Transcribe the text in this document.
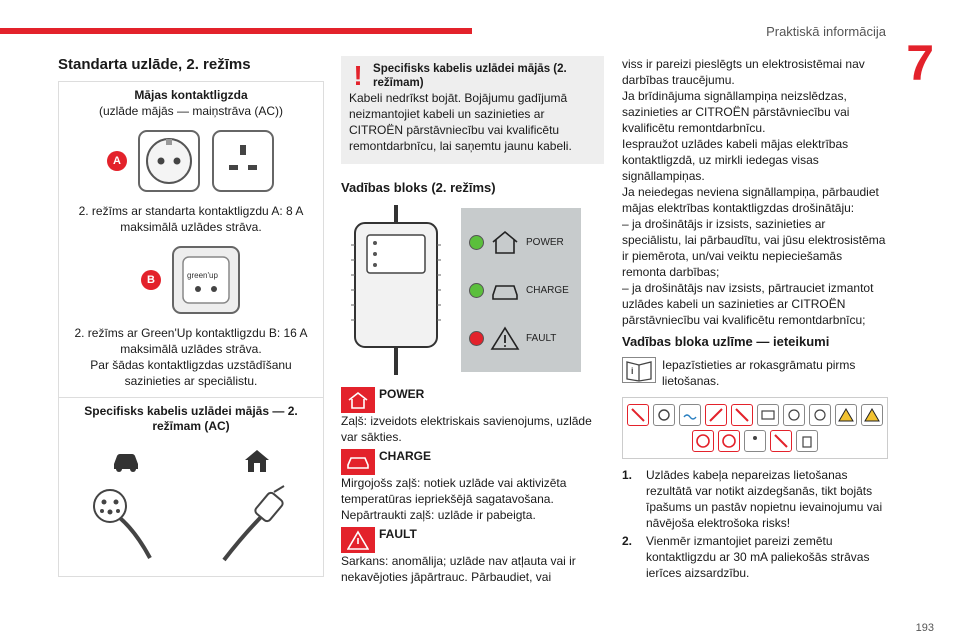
Praktiskā informācija
7
193
Standarta uzlāde, 2. režīms
Mājas kontaktligzda
(uzlāde mājās — maiņstrāva (AC))
A
2. režīms ar standarta kontaktligzdu A: 8 A maksimālā uzlādes strāva.
B	green'up
2. režīms ar Green'Up kontaktligzdu B: 16 A maksimālā uzlādes strāva.
Par šādas kontaktligzdas uzstādīšanu sazinieties ar speciālistu.
Specifisks kabelis uzlādei mājās — 2. režīmam (AC)
! Specifisks kabelis uzlādei mājās (2. režīmam)
Kabeli nedrīkst bojāt. Bojājumu gadījumā neizmantojiet kabeli un sazinieties ar CITROËN pārstāvniecību vai kvalificētu remontdarbnīcu, lai saņemtu jaunu kabeli.
Vadības bloks (2. režīms)
POWER
CHARGE
FAULT
POWER
Zaļš: izveidots elektriskais savienojums, uzlāde var sākties.
CHARGE
Mirgojošs zaļš: notiek uzlāde vai aktivizēta temperatūras iepriekšējā sagatavošana. Nepārtraukti zaļš: uzlāde ir pabeigta.
FAULT
Sarkans: anomālija; uzlāde nav atļauta vai ir nekavējoties jāpārtrauc. Pārbaudiet, vai
viss ir pareizi pieslēgts un elektrosistēmai nav darbības traucējumu.
Ja brīdinājuma signāllampiņa neizslēdzas, sazinieties ar CITROËN pārstāvniecību vai kvalificētu remontdarbnīcu.
Iespraužot uzlādes kabeli mājas elektrības kontaktligzdā, uz mirkli iedegas visas signāllampiņas.
Ja neiedegas neviena signāllampiņa, pārbaudiet mājas elektrības kontaktligzdas drošinātāju:
– ja drošinātājs ir izsists, sazinieties ar speciālistu, lai pārbaudītu, vai jūsu elektrosistēma ir piemērota, un/vai veiktu nepieciešamās remonta darbības;
– ja drošinātājs nav izsists, pārtrauciet izmantot uzlādes kabeli un sazinieties ar CITROËN pārstāvniecību vai kvalificētu remontdarbnīcu;
Vadības bloka uzlīme — ieteikumi
i Iepazīstieties ar rokasgrāmatu pirms lietošanas.
1.	Uzlādes kabeļa nepareizas lietošanas rezultātā var notikt aizdegšanās, tikt bojāts īpašums un pastāv nopietnu ievainojumu vai nāvējoša elektrošoka risks!
2.	Vienmēr izmantojiet pareizi zemētu kontaktligzdu ar 30 mA paliekošās strāvas ierīces aizsardzību.
